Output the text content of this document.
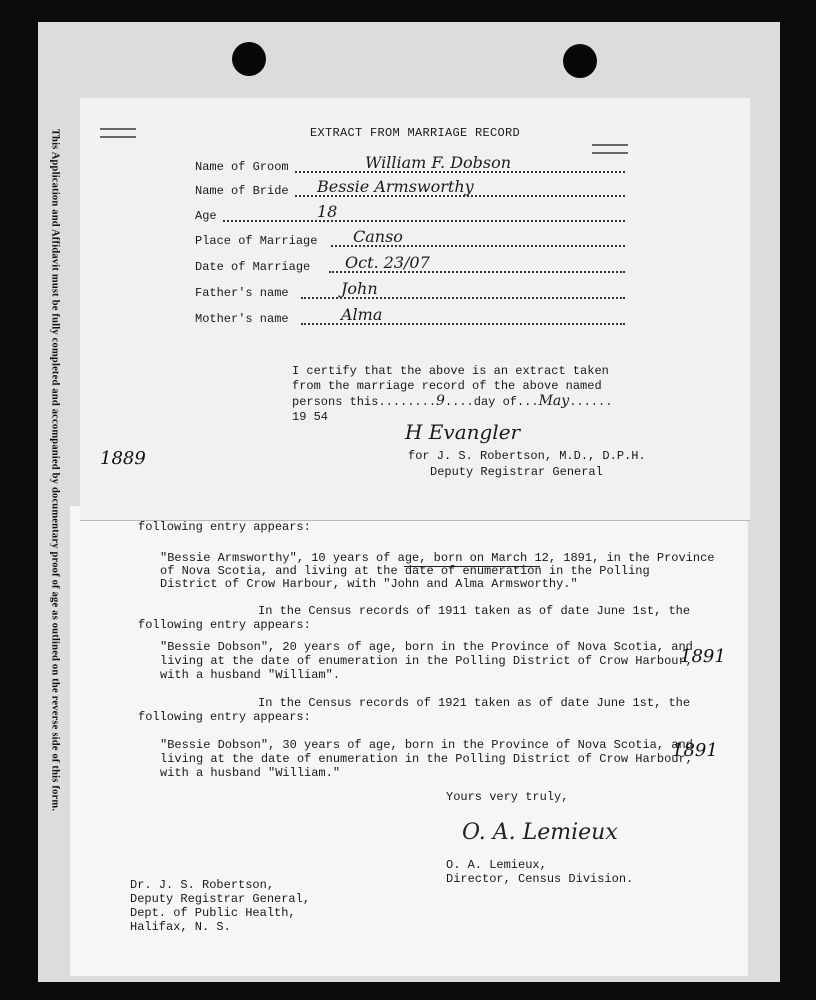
This Application and Affidavit must be fully completed and accompanied by documentary proof of age as outlined on the reverse side of this form.	following entry appears:
"Bessie Armsworthy", 10 years of age, born on March 12, 1891, in the Province
of Nova Scotia, and living at the date of enumeration in the Polling
District of Crow Harbour, with "John and Alma Armsworthy."
In the Census records of 1911 taken as of date June 1st, the
following entry appears:
"Bessie Dobson", 20 years of age, born in the Province of Nova Scotia, and
living at the date of enumeration in the Polling District of Crow Harbour,
with a husband "William".
In the Census records of 1921 taken as of date June 1st, the
following entry appears:
"Bessie Dobson", 30 years of age, born in the Province of Nova Scotia, and
living at the date of enumeration in the Polling District of Crow Harbour,
with a husband "William."
1891
1891
Yours very truly,
O. A. Lemieux
O. A. Lemieux,
Director, Census Division.
Dr. J. S. Robertson,
Deputy Registrar General,
Dept. of Public Health,
Halifax, N. S.
EXTRACT FROM MARRIAGE RECORD
Name of Groom	William F. Dobson
Name of Bride Bessie Armsworthy
Age	18
Place of Marriage Canso
Date of Marriage Oct. 23/07
Father's name	John
Mother's name	Alma
I certify that the above is an extract taken
from the marriage record of the above named
persons this........9....day of...May......
19 54
H Evangler
for J. S. Robertson, M.D., D.P.H.
Deputy Registrar General
1889
